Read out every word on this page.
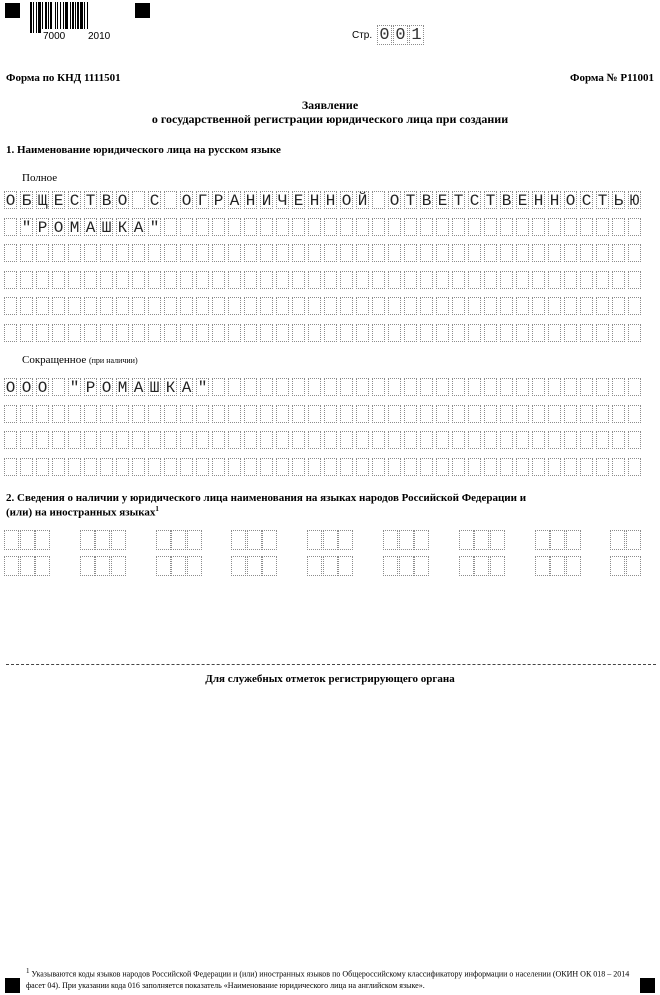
7000 2010	Стр. 0 0 1
Форма по КНД 1111501	Форма № Р11001
Заявление
о государственной регистрации юридического лица при создании
1. Наименование юридического лица на русском языке
Полное
О Б Щ Е С Т В О С О Г Р А Н И Ч Е Н Н О Й О Т В Е Т С Т В Е Н Н О С Т Ь Ю
" Р О М А Ш К А "
Сокращенное (при наличии)
О О О " Р О М А Ш К А "
2. Сведения о наличии у юридического лица наименования на языках народов Российской Федерации и
(или) на иностранных языках$^1$
Для служебных отметок регистрирующего органа
$^1$ Указываются коды языков народов Российской Федерации и (или) иностранных языков по Общероссийскому классификатору информации о населении (ОКИН ОК 018 – 2014 фасет 04). При указании кода 016 заполняется показатель «Наименование юридического лица на английском языке».
